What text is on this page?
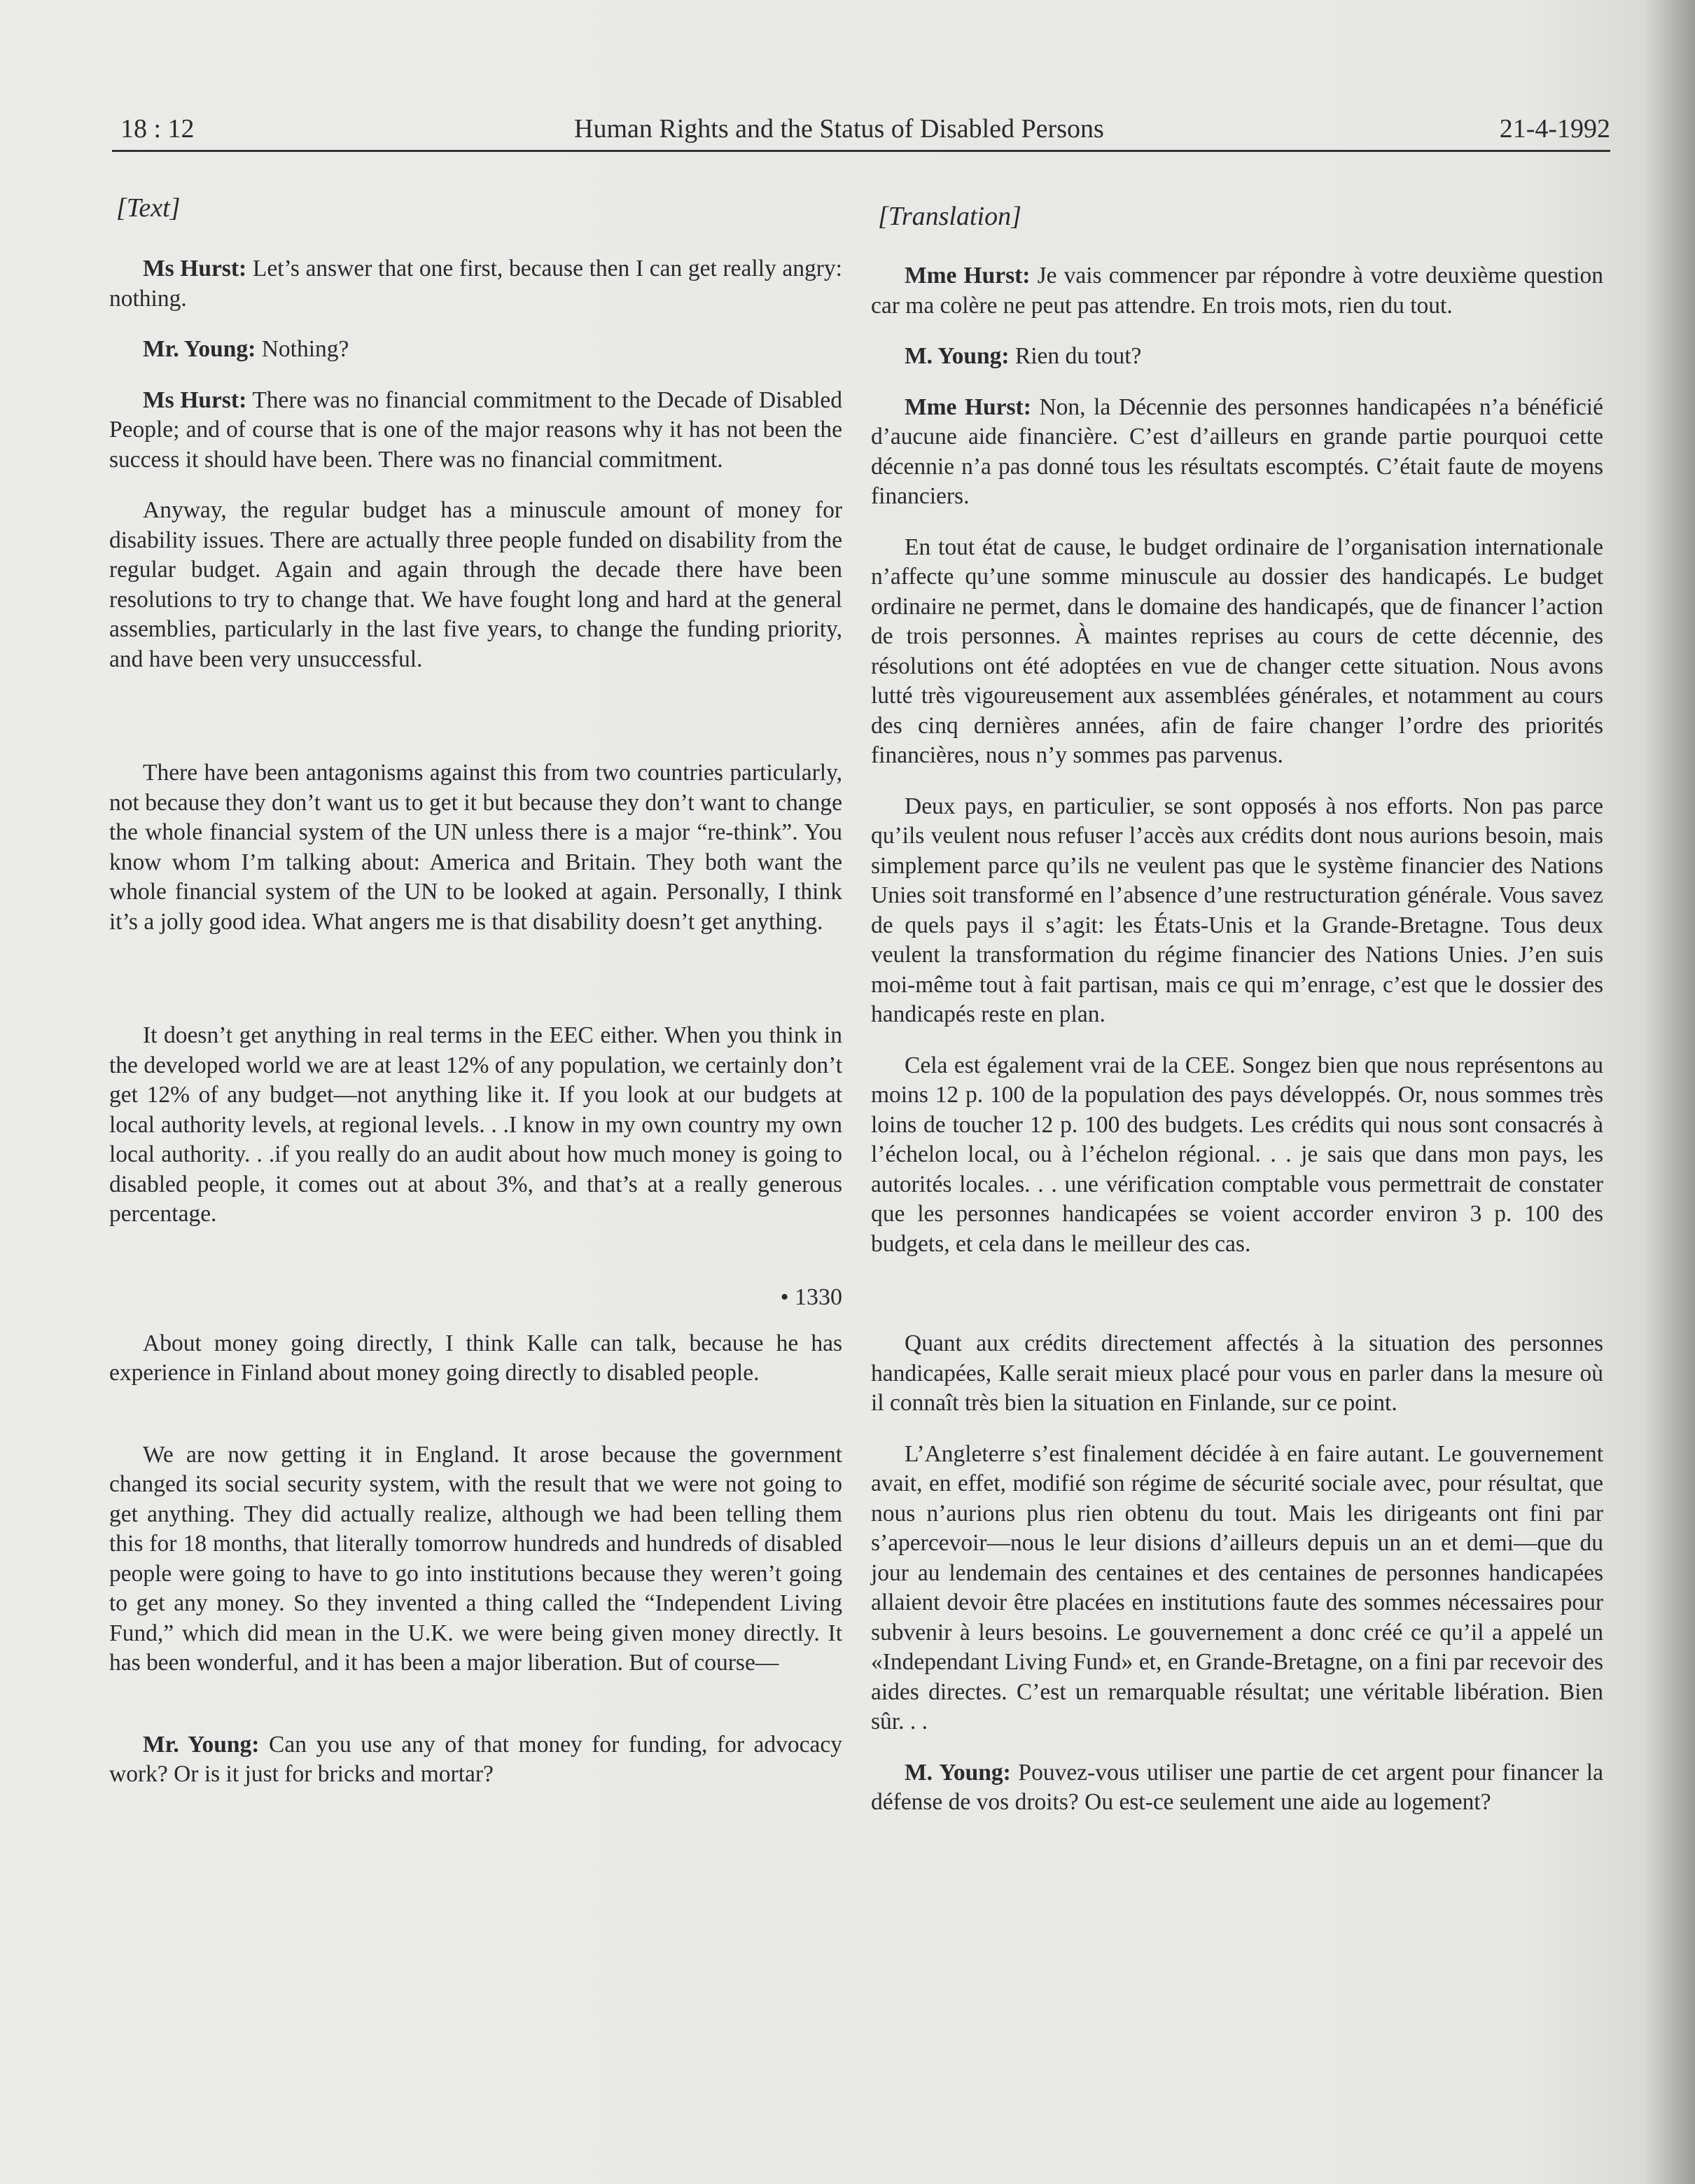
18 : 12	Human Rights and the Status of Disabled Persons	21-4-1992
[Text]

Ms Hurst: Let’s answer that one first, because then I can get really angry: nothing.

Mr. Young: Nothing?

Ms Hurst: There was no financial commitment to the Decade of Disabled People; and of course that is one of the major reasons why it has not been the success it should have been. There was no financial commitment.

Anyway, the regular budget has a minuscule amount of money for disability issues. There are actually three people funded on disability from the regular budget. Again and again through the decade there have been resolutions to try to change that. We have fought long and hard at the general assemblies, particularly in the last five years, to change the funding priority, and have been very unsuccessful.

There have been antagonisms against this from two countries particularly, not because they don’t want us to get it but because they don’t want to change the whole financial system of the UN unless there is a major “re-think”. You know whom I’m talking about: America and Britain. They both want the whole financial system of the UN to be looked at again. Personally, I think it’s a jolly good idea. What angers me is that disability doesn’t get anything.

It doesn’t get anything in real terms in the EEC either. When you think in the developed world we are at least 12% of any population, we certainly don’t get 12% of any budget—not anything like it. If you look at our budgets at local authority levels, at regional levels. . .I know in my own country my own local authority. . .if you really do an audit about how much money is going to disabled people, it comes out at about 3%, and that’s at a really generous percentage.

• 1330

About money going directly, I think Kalle can talk, because he has experience in Finland about money going directly to disabled people.

We are now getting it in England. It arose because the government changed its social security system, with the result that we were not going to get anything. They did actually realize, although we had been telling them this for 18 months, that literally tomorrow hundreds and hundreds of disabled people were going to have to go into institutions because they weren’t going to get any money. So they invented a thing called the “Independent Living Fund,” which did mean in the U.K. we were being given money directly. It has been wonderful, and it has been a major liberation. But of course—

Mr. Young: Can you use any of that money for funding, for advocacy work? Or is it just for bricks and mortar?

[Translation]

Mme Hurst: Je vais commencer par répondre à votre deuxième question car ma colère ne peut pas attendre. En trois mots, rien du tout.

M. Young: Rien du tout?

Mme Hurst: Non, la Décennie des personnes handicapées n’a bénéficié d’aucune aide financière. C’est d’ailleurs en grande partie pourquoi cette décennie n’a pas donné tous les résultats escomptés. C’était faute de moyens financiers.

En tout état de cause, le budget ordinaire de l’organisation internationale n’affecte qu’une somme minuscule au dossier des handicapés. Le budget ordinaire ne permet, dans le domaine des handicapés, que de financer l’action de trois personnes. À maintes reprises au cours de cette décennie, des résolutions ont été adoptées en vue de changer cette situation. Nous avons lutté très vigoureusement aux assemblées générales, et notamment au cours des cinq dernières années, afin de faire changer l’ordre des priorités financières, nous n’y sommes pas parvenus.

Deux pays, en particulier, se sont opposés à nos efforts. Non pas parce qu’ils veulent nous refuser l’accès aux crédits dont nous aurions besoin, mais simplement parce qu’ils ne veulent pas que le système financier des Nations Unies soit transformé en l’absence d’une restructuration générale. Vous savez de quels pays il s’agit: les États-Unis et la Grande-Bretagne. Tous deux veulent la transformation du régime financier des Nations Unies. J’en suis moi-même tout à fait partisan, mais ce qui m’enrage, c’est que le dossier des handicapés reste en plan.

Cela est également vrai de la CEE. Songez bien que nous représentons au moins 12 p. 100 de la population des pays développés. Or, nous sommes très loins de toucher 12 p. 100 des budgets. Les crédits qui nous sont consacrés à l’échelon local, ou à l’échelon régional. . . je sais que dans mon pays, les autorités locales. . . une vérification comptable vous permettrait de constater que les personnes handicapées se voient accorder environ 3 p. 100 des budgets, et cela dans le meilleur des cas.

Quant aux crédits directement affectés à la situation des personnes handicapées, Kalle serait mieux placé pour vous en parler dans la mesure où il connaît très bien la situation en Finlande, sur ce point.

L’Angleterre s’est finalement décidée à en faire autant. Le gouvernement avait, en effet, modifié son régime de sécurité sociale avec, pour résultat, que nous n’aurions plus rien obtenu du tout. Mais les dirigeants ont fini par s’apercevoir—nous le leur disions d’ailleurs depuis un an et demi—que du jour au lendemain des centaines et des centaines de personnes handicapées allaient devoir être placées en institutions faute des sommes nécessaires pour subvenir à leurs besoins. Le gouvernement a donc créé ce qu’il a appelé un «Independant Living Fund» et, en Grande-Bretagne, on a fini par recevoir des aides directes. C’est un remarquable résultat; une véritable libération. Bien sûr. . .

M. Young: Pouvez-vous utiliser une partie de cet argent pour financer la défense de vos droits? Ou est-ce seulement une aide au logement?
